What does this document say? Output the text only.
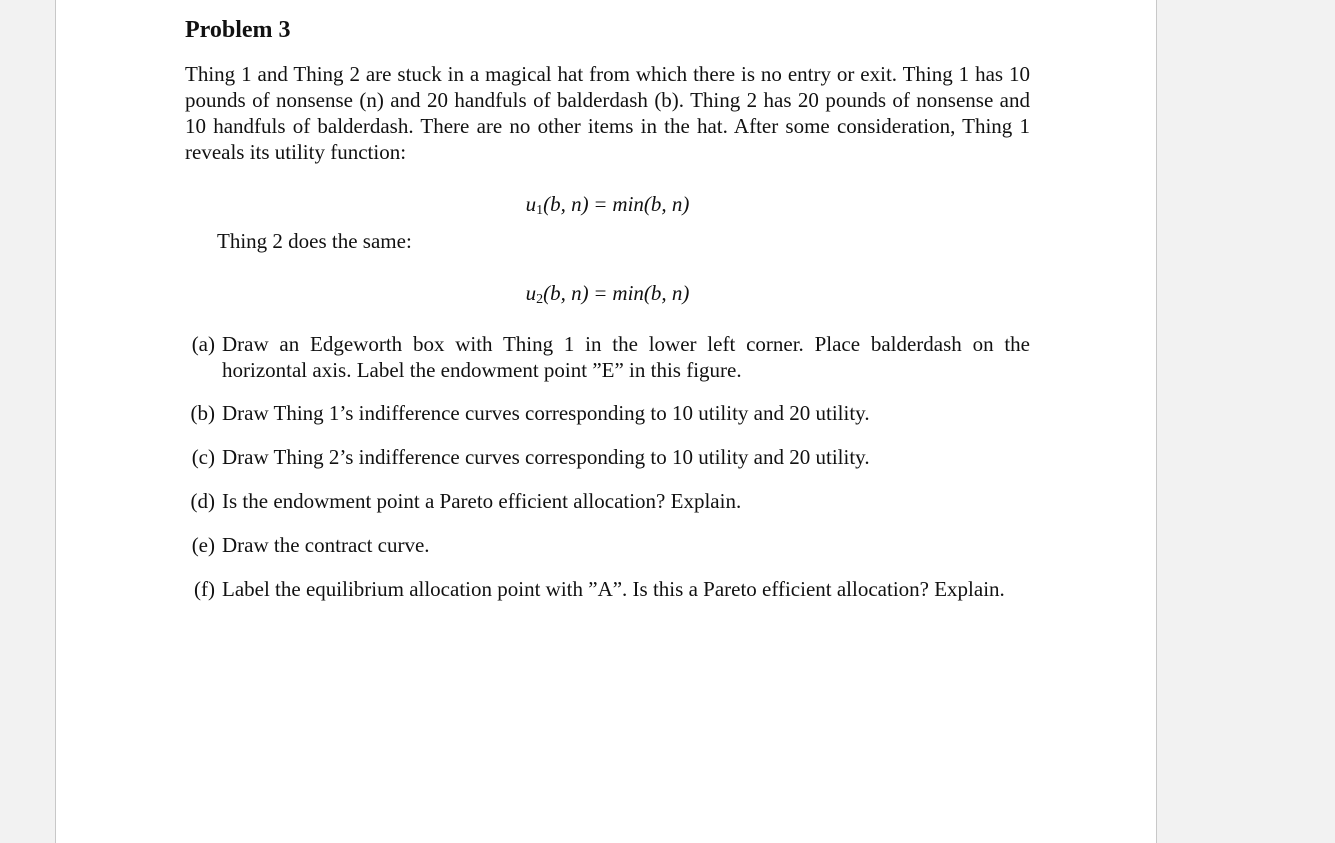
Problem 3
Thing 1 and Thing 2 are stuck in a magical hat from which there is no entry or exit. Thing 1 has 10 pounds of nonsense (n) and 20 handfuls of balderdash (b). Thing 2 has 20 pounds of nonsense and 10 handfuls of balderdash. There are no other items in the hat. After some consideration, Thing 1 reveals its utility function:
$u_1(b$, n) = min(b, n)
Thing 2 does the same:
$u_2(b$, n) = min(b, n)
(a) Draw an Edgeworth box with Thing 1 in the lower left corner. Place balderdash on the horizontal axis. Label the endowment point ”E” in this figure.
(b) Draw Thing 1’s indifference curves corresponding to 10 utility and 20 utility.
(c) Draw Thing 2’s indifference curves corresponding to 10 utility and 20 utility.
(d) Is the endowment point a Pareto efficient allocation? Explain.
(e) Draw the contract curve.
(f) Label the equilibrium allocation point with ”A”. Is this a Pareto efficient allocation? Explain.
